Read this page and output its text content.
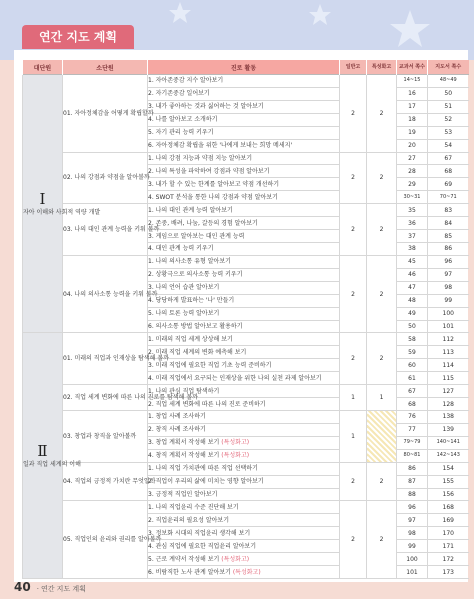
연간 지도 계획
대단원	소단원	진로 활동	일반고	특성화고	교과서 쪽수	지도서 쪽수

Ⅰ
자아 이해와 사회적 역량 개발	01. 자아정체감을 어떻게 확립할까	1. 자아존중감 지수 알아보기	2	2	14~15	48~49
		2. 자기존중감 일어보기			16	50
		3. 내가 좋아하는 것과 싫어하는 것 알아보기			17	51
		4. 나를 알아보고 소개하기			18	52
		5. 자기 관리 능력 키우기			19	53
		6. 자아정체감 확립을 위한 '나에게 보내는 희망 메세지'			20	54
	02. 나의 강점과 약점을 알아볼까	1. 나의 강점 지능과 약점 지능 알아보기	2	2	27	67
		2. 나의 특성을 파악하여 강점과 약점 알아보기			28	68
		3. 내가 할 수 있는 한계를 알아보고 약점 개선하기			29	69
		4. SWOT 분석을 통한 나의 강점과 약점 알아보기			30~31	70~71
	03. 나의 대인 관계 능력을 키워 볼까	1. 나의 대인 관계 능력 알아보기	2	2	35	83
		2. 존중, 배려, 나눔, 갈등의 경험 알아보기			36	84
		3. 게임으로 알아보는 대인 관계 능력			37	85
		4. 대인 관계 능력 키우기			38	86
	04. 나의 의사소통 능력을 키워 볼까	1. 나의 의사소통 유형 알아보기	2	2	45	96
		2. 상황극으로 의사소통 능력 키우기			46	97
		3. 나의 언어 습관 알아보기			47	98
		4. 당당하게 발표하는 '나' 만들기			48	99
		5. 나의 토론 능력 알아보기			49	100
		6. 의사소통 방법 알아보고 활용하기			50	101

Ⅱ
일과 직업 세계의 이해	01. 미래의 직업과 인재상을 탐색해 볼까	1. 미래의 직업 세계 상상해 보기	2	2	58	112
		2. 미래 직업 세계의 변화 예측해 보기			59	113
		3. 미래 직업에 필요한 직업 기초 능력 준비하기			60	114
		4. 미래 직업에서 요구되는 인재상을 위한 나의 실천 과제 알아보기			61	115
	02. 직업 세계 변화에 따른 나의 진로를 탐색해 볼까	1. 나의 관심 직업 탐색하기	1	1	67	127
		2. 직업 세계 변화에 따른 나의 진로 준비하기			68	128
	03. 창업과 창직을 알아볼까	1. 창업 사례 조사하기	1		76	138
		2. 창직 사례 조사하기			77	139
		3. 창업 계획서 작성해 보기 (특성화고)			79~79	140~141
		4. 창직 계획서 작성해 보기 (특성화고)			80~81	142~143
	04. 직업의 긍정적 가치란 무엇일까	1. 나의 직업 가치관에 따른 직업 선택하기	2	2	86	154
		2. 직업이 우리의 삶에 미치는 영향 알아보기			87	155
		3. 긍정적 직업인 알아보기			88	156
	05. 직업인의 윤리와 권리를 알아볼까	1. 나의 직업윤리 수준 진단해 보기	2	2	96	168
		2. 직업윤리의 필요성 알아보기			97	169
		3. 정보화 시대의 직업윤리 생각해 보기			98	170
		4. 관심 직업에 필요한 직업윤리 알아보기			99	171
		5. 근로 계약서 작성해 보기 (특성화고)			100	172
		6. 비람직한 노사 관계 알아보기 (특성화고)			101	173
40	· 연간 지도 계획
